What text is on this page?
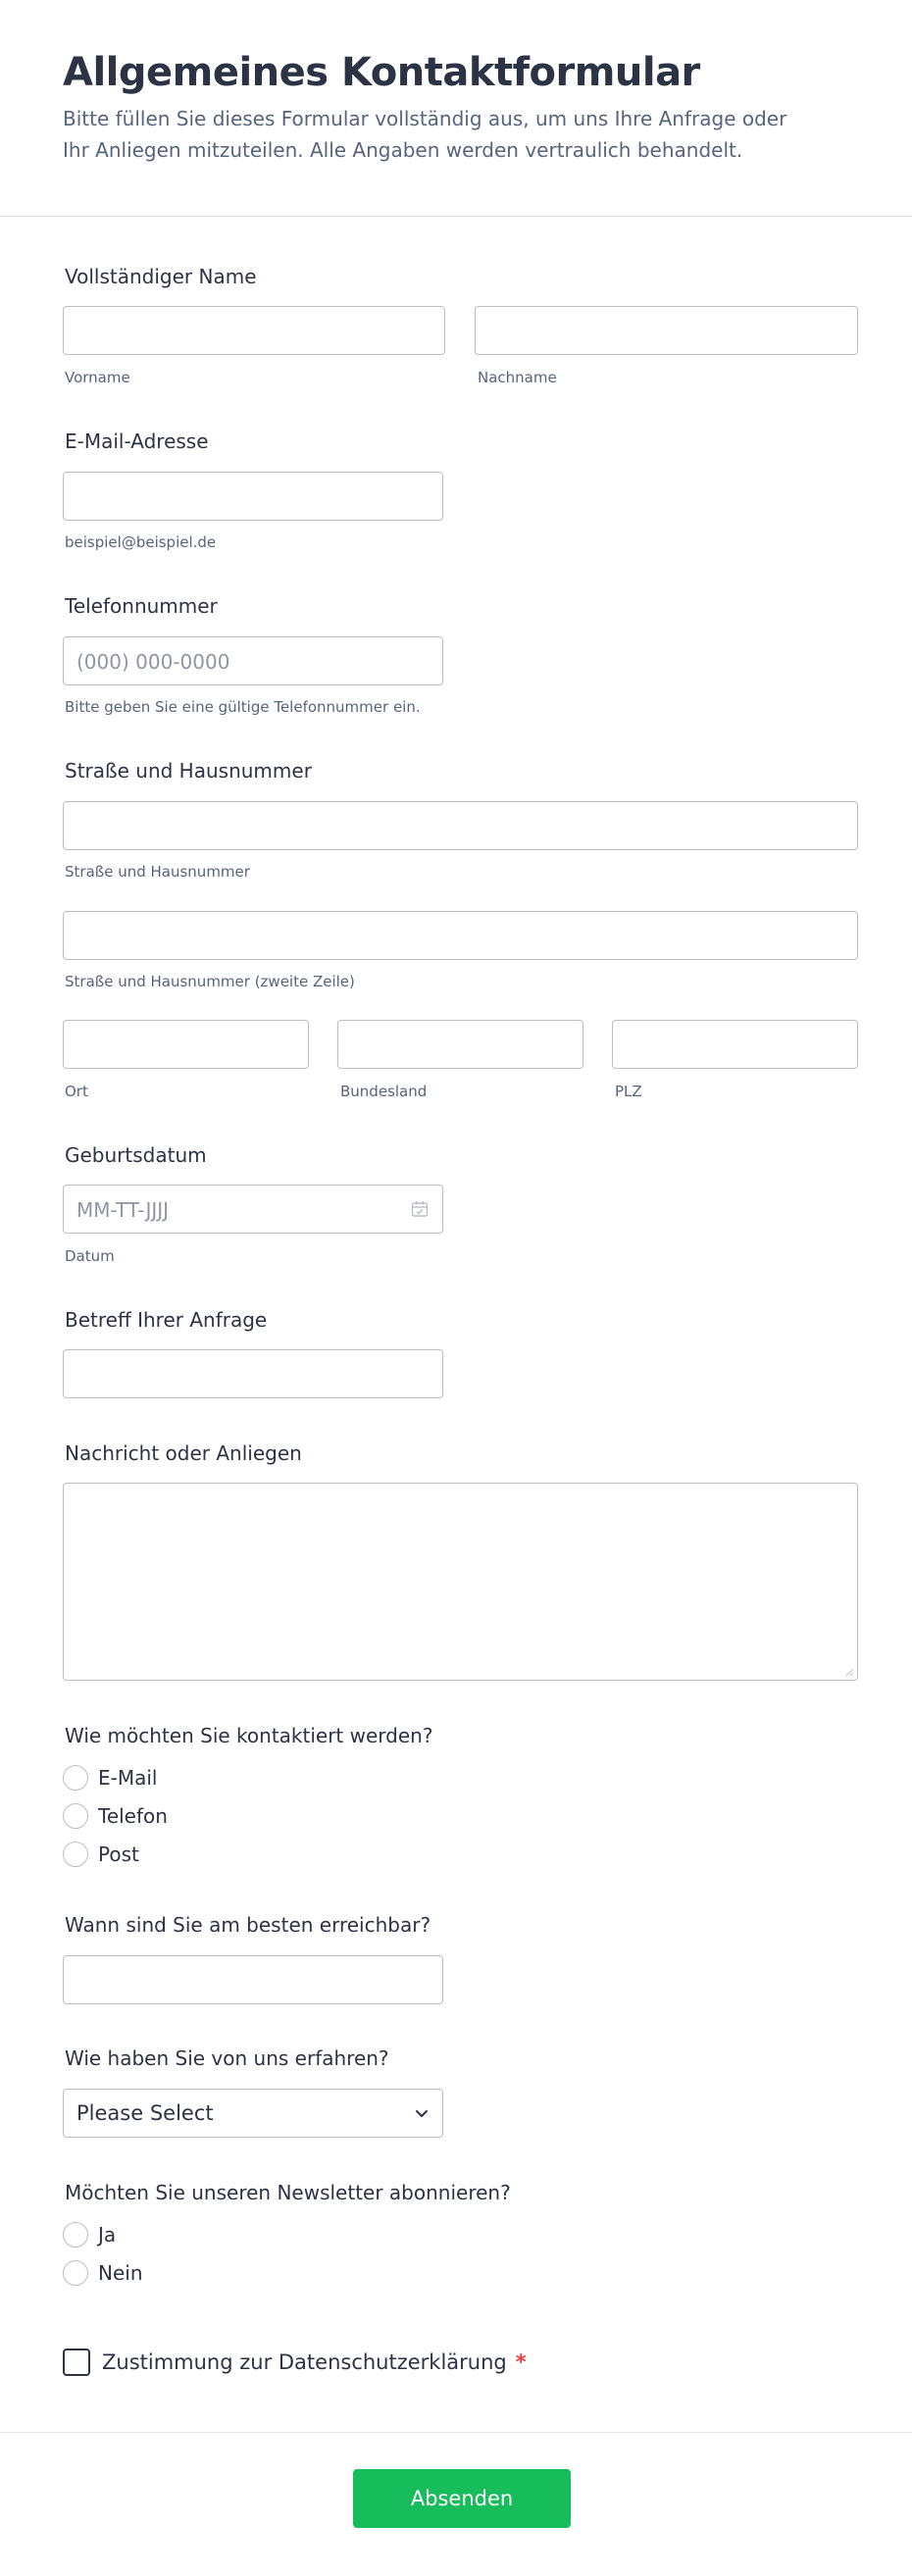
Allgemeines Kontaktformular

Bitte füllen Sie dieses Formular vollständig aus, um uns Ihre Anfrage oder Ihr Anliegen mitzuteilen. Alle Angaben werden vertraulich behandelt.

Vollständiger Name
Vorname	Nachname
E-Mail-Adresse
beispiel@beispiel.de
Telefonnummer
(000) 000-0000
Bitte geben Sie eine gültige Telefonnummer ein.
Straße und Hausnummer
Straße und Hausnummer
Straße und Hausnummer (zweite Zeile)
Ort	Bundesland	PLZ
Geburtsdatum
MM-TT-JJJJ
Datum
Betreff Ihrer Anfrage
Nachricht oder Anliegen
Wie möchten Sie kontaktiert werden?
E-Mail
Telefon
Post
Wann sind Sie am besten erreichbar?
Wie haben Sie von uns erfahren?
Please Select
Möchten Sie unseren Newsletter abonnieren?
Ja
Nein
Zustimmung zur Datenschutzerklärung *
Absenden
